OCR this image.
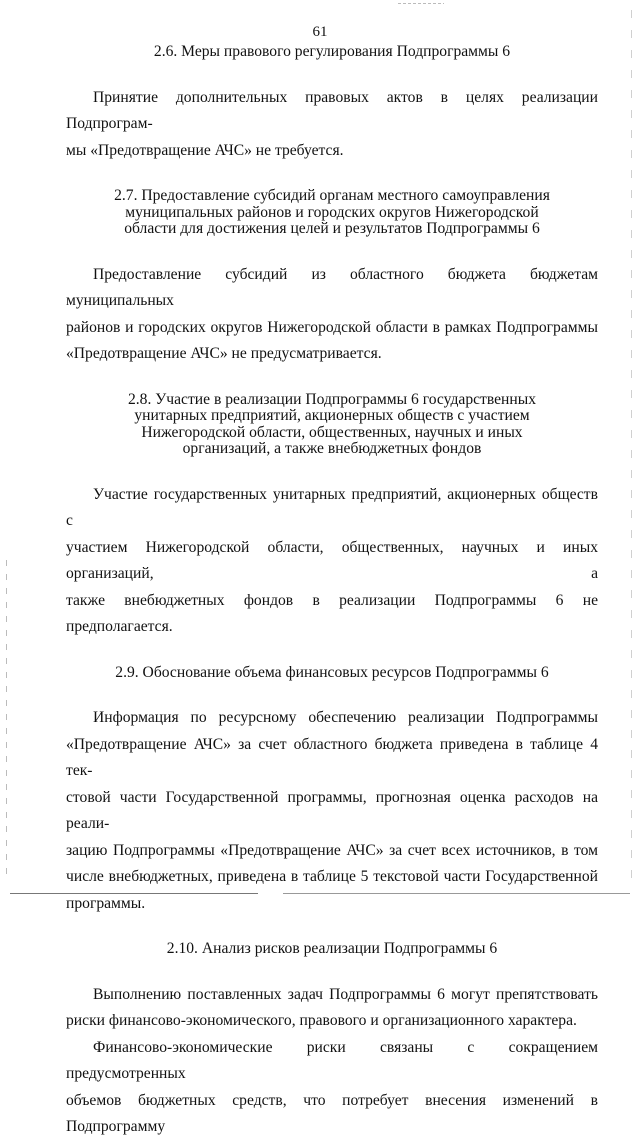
61
2.6. Меры правового регулирования Подпрограммы 6
Принятие дополнительных правовых актов в целях реализации Подпрограм-
мы «Предотвращение АЧС» не требуется.
2.7. Предоставление субсидий органам местного самоуправления
муниципальных районов и городских округов Нижегородской
области для достижения целей и результатов Подпрограммы 6
Предоставление субсидий из областного бюджета бюджетам муниципальных
районов и городских округов Нижегородской области в рамках Подпрограммы
«Предотвращение АЧС» не предусматривается.
2.8. Участие в реализации Подпрограммы 6 государственных
унитарных предприятий, акционерных обществ с участием
Нижегородской области, общественных, научных и иных
организаций, а также внебюджетных фондов
Участие государственных унитарных предприятий, акционерных обществ с
участием Нижегородской области, общественных, научных и иных организаций, а
также внебюджетных фондов в реализации Подпрограммы 6 не предполагается.
2.9. Обоснование объема финансовых ресурсов Подпрограммы 6
Информация по ресурсному обеспечению реализации Подпрограммы
«Предотвращение АЧС» за счет областного бюджета приведена в таблице 4 тек-
стовой части Государственной программы, прогнозная оценка расходов на реали-
зацию Подпрограммы «Предотвращение АЧС» за счет всех источников, в том
числе внебюджетных, приведена в таблице 5 текстовой части Государственной
программы.
2.10. Анализ рисков реализации Подпрограммы 6
Выполнению поставленных задач Подпрограммы 6 могут препятствовать
риски финансово-экономического, правового и организационного характера.
Финансово-экономические риски связаны с сокращением предусмотренных
объемов бюджетных средств, что потребует внесения изменений в Подпрограмму
